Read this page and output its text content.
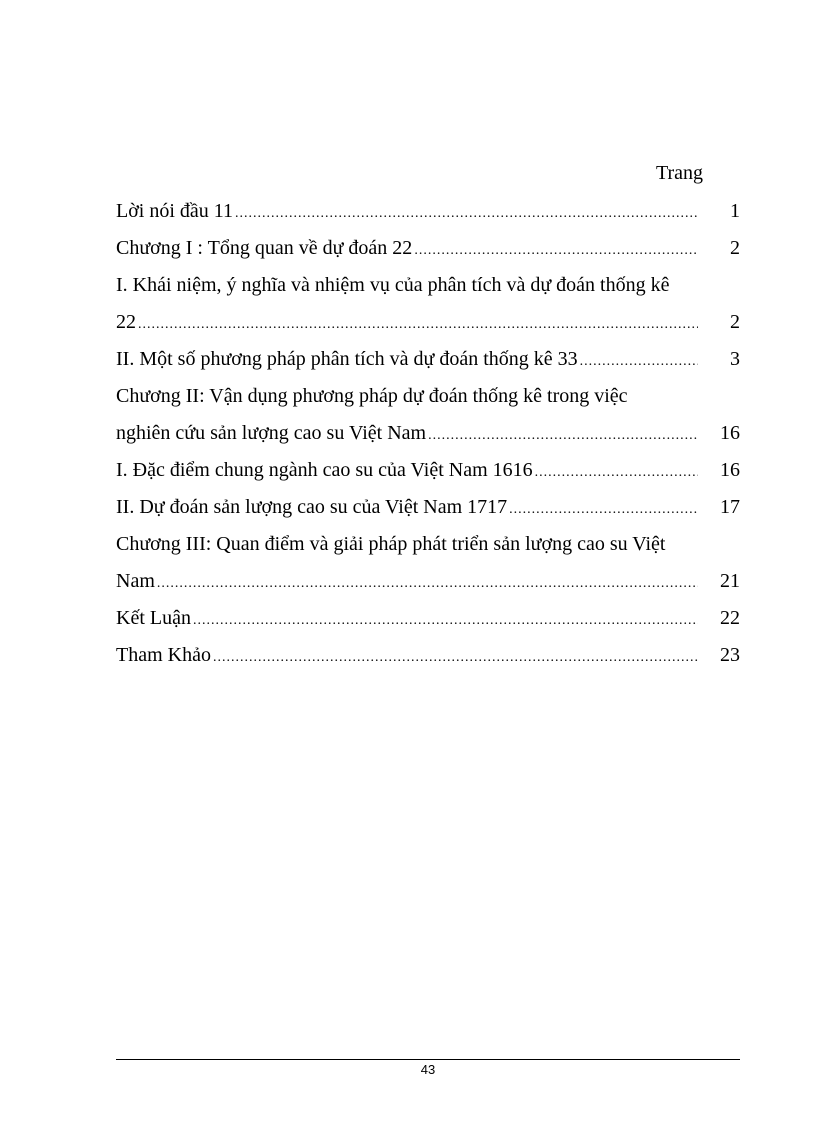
Trang
Lời nói đầu 11 .....	1
Chương I : Tổng quan về dự đoán 22 .....	2
I. Khái niệm, ý nghĩa và nhiệm vụ của phân tích và dự đoán thống kê
22 .....	2
II. Một số phương pháp phân tích và dự đoán thống kê 33 .....	3
Chương II: Vận dụng phương pháp dự đoán thống kê trong việc
nghiên cứu sản lượng cao su Việt Nam .....	16
I. Đặc điểm chung ngành cao su của Việt Nam 1616 .....	16
II. Dự đoán sản lượng cao su của Việt Nam 1717 .....	17
Chương III: Quan điểm và giải pháp phát triển sản lượng cao su Việt
Nam .....	21
Kết Luận .....	22
Tham Khảo .....	23
43
